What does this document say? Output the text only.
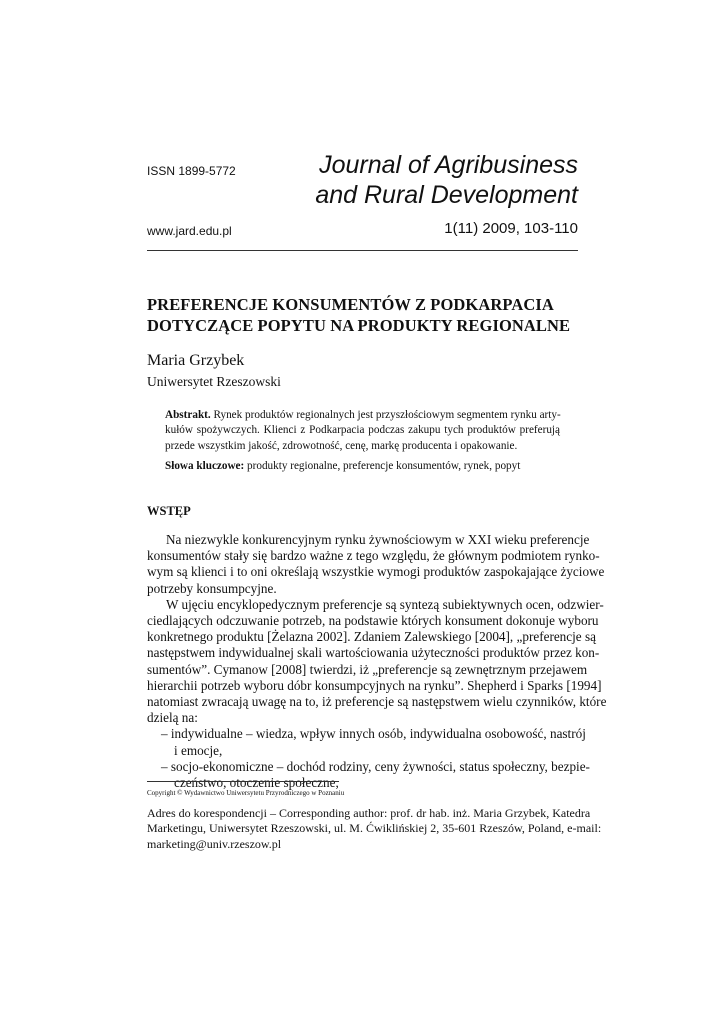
ISSN 1899-5772	Journal of Agribusiness
and Rural Development
www.jard.edu.pl	1(11) 2009, 103-110
PREFERENCJE KONSUMENTÓW Z PODKARPACIA
DOTYCZĄCE POPYTU NA PRODUKTY REGIONALNE
Maria Grzybek
Uniwersytet Rzeszowski
Abstrakt. Rynek produktów regionalnych jest przyszłościowym segmentem rynku arty-
kułów spożywczych. Klienci z Podkarpacia podczas zakupu tych produktów preferują
przede wszystkim jakość, zdrowotność, cenę, markę producenta i opakowanie.
Słowa kluczowe: produkty regionalne, preferencje konsumentów, rynek, popyt
WSTĘP
Na niezwykle konkurencyjnym rynku żywnościowym w XXI wieku preferencje
konsumentów stały się bardzo ważne z tego względu, że głównym podmiotem rynko-
wym są klienci i to oni określają wszystkie wymogi produktów zaspokajające życiowe
potrzeby konsumpcyjne.
W ujęciu encyklopedycznym preferencje są syntezą subiektywnych ocen, odzwier-
ciedlających odczuwanie potrzeb, na podstawie których konsument dokonuje wyboru
konkretnego produktu [Żelazna 2002]. Zdaniem Zalewskiego [2004], „preferencje są
następstwem indywidualnej skali wartościowania użyteczności produktów przez kon-
sumentów”. Cymanow [2008] twierdzi, iż „preferencje są zewnętrznym przejawem
hierarchii potrzeb wyboru dóbr konsumpcyjnych na rynku”. Shepherd i Sparks [1994]
natomiast zwracają uwagę na to, iż preferencje są następstwem wielu czynników, które
dzielą na:
– indywidualne – wiedza, wpływ innych osób, indywidualna osobowość, nastrój
i emocje,
– socjo-ekonomiczne – dochód rodziny, ceny żywności, status społeczny, bezpie-
czeństwo, otoczenie społeczne,
Copyright © Wydawnictwo Uniwersytetu Przyrodniczego w Poznaniu
Adres do korespondencji – Corresponding author: prof. dr hab. inż. Maria Grzybek, Katedra
Marketingu, Uniwersytet Rzeszowski, ul. M. Ćwiklińskiej 2, 35-601 Rzeszów, Poland, e-mail:
marketing@univ.rzeszow.pl
